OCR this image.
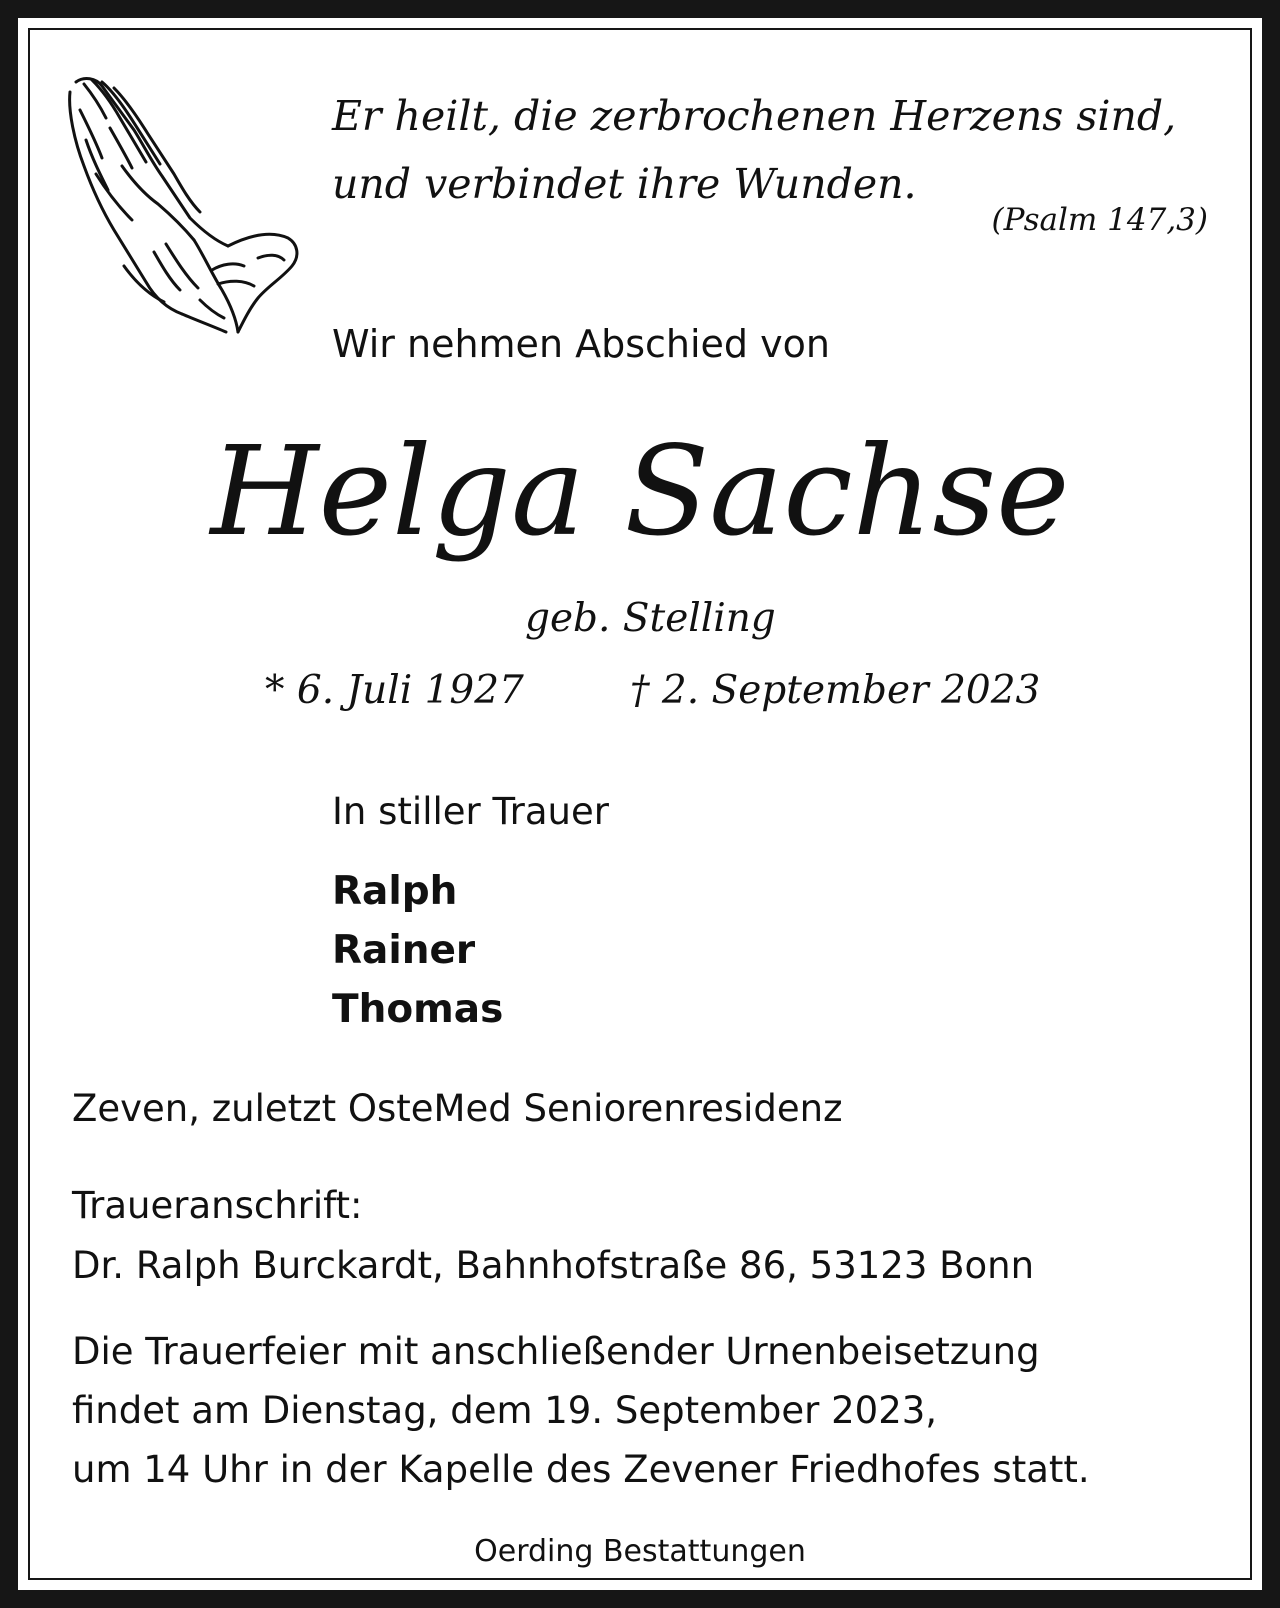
Er heilt, die zerbrochenen Herzens sind,
und verbindet ihre Wunden.

(Psalm 147,3)
Wir nehmen Abschied von
Helga Sachse
geb. Stelling
* 6. Juli 1927	† 2. September 2023
In stiller Trauer
Ralph
Rainer
Thomas
Zeven, zuletzt OsteMed Seniorenresidenz

Traueranschrift:
Dr. Ralph Burckardt, Bahnhofstraße 86, 53123 Bonn

Die Trauerfeier mit anschließender Urnenbeisetzung
findet am Dienstag, dem 19. September 2023,
um 14 Uhr in der Kapelle des Zevener Friedhofes statt.

Oerding Bestattungen
